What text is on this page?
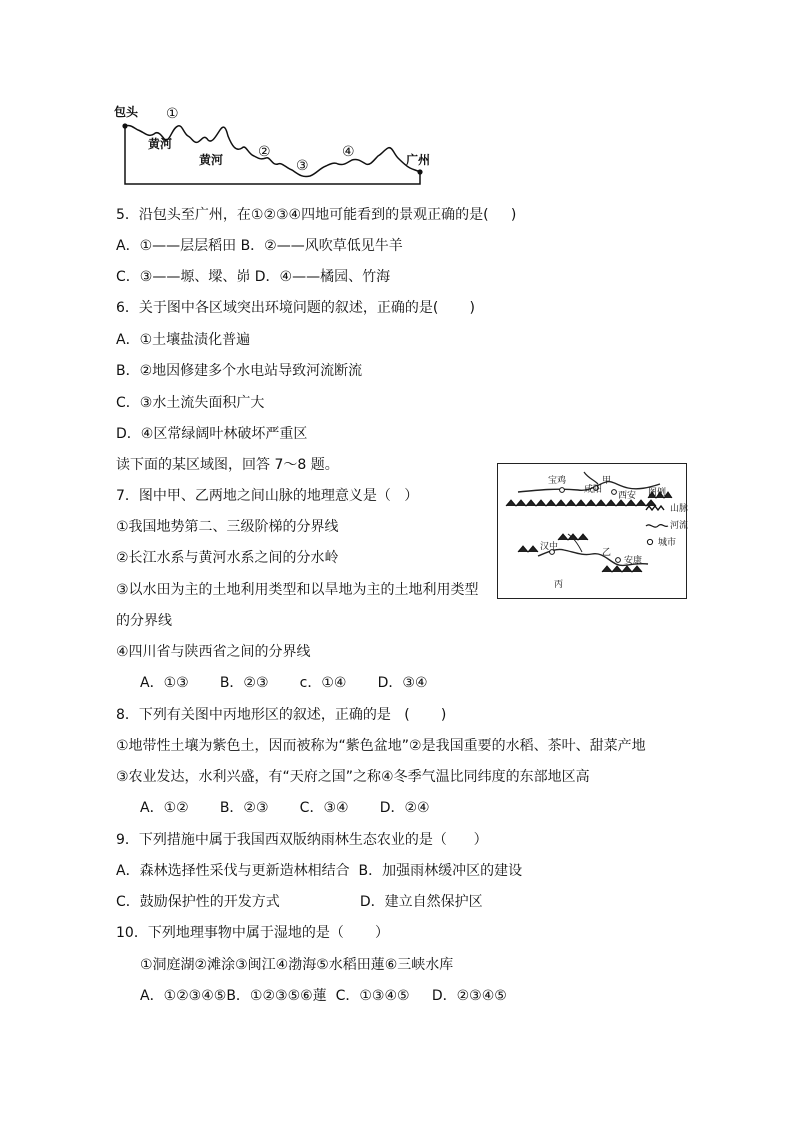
包头 ①
黄河
黄河 ②
③
④	广州
5．沿包头至广州，在①②③④四地可能看到的景观正确的是(     )
A．①——层层稻田 B．②——风吹草低见牛羊
C．③——塬、墚、峁 D．④——橘园、竹海
6．关于图中各区域突出环境问题的叙述，正确的是(       )
A．①土壤盐渍化普遍
B．②地因修建多个水电站导致河流断流
C．③水土流失面积广大
D．④区常绿阔叶林破坏严重区
读下面的某区域图，回答 7～8 题。
7．图中甲、乙两地之间山脉的地理意义是（   ）
①我国地势第二、三级阶梯的分界线
②长江水系与黄河水系之间的分水岭
③以水田为主的土地利用类型和以旱地为主的土地利用类型
的分界线
④四川省与陕西省之间的分界线
A．①③       B．②③       c．①④       D．③④
8．下列有关图中丙地形区的叙述，正确的是   (       )
①地带性土壤为紫色土，因而被称为“紫色盆地”②是我国重要的水稻、茶叶、甜菜产地
③农业发达，水利兴盛，有“天府之国”之称④冬季气温比同纬度的东部地区高
A．①②       B．②③       C．③④       D．②④
9．下列措施中属于我国西双版纳雨林生态农业的是（      ）
A．森林选择性采伐与更新造林相结合  B．加强雨林缓冲区的建设
C．鼓励保护性的开发方式                  D．建立自然保护区
10．下列地理事物中属于湿地的是（       ）
①洞庭湖②滩涂③闽江④渤海⑤水稻田蓮⑥三峡水库
A．①②③④⑤B．①②③⑤⑥蓮  C．①③④⑤     D．②③④⑤
宝鸡
咸阳
西安
甲
汉中
乙
安康
丙
图例
山脉
河流
城市
